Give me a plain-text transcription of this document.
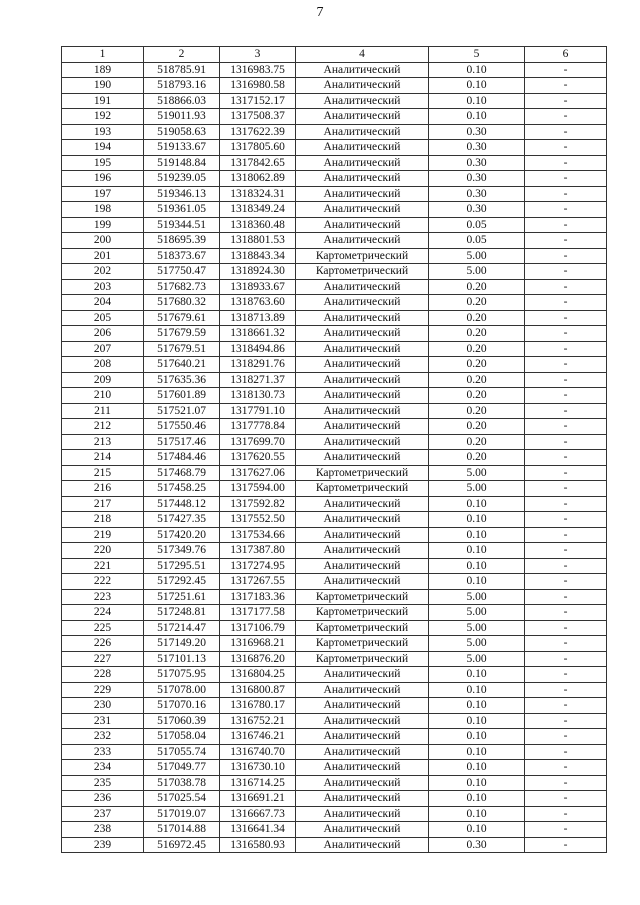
7
1	2	3	4	5	6
189	518785.91	1316983.75	Аналитический	0.10	-
190	518793.16	1316980.58	Аналитический	0.10	-
191	518866.03	1317152.17	Аналитический	0.10	-
192	519011.93	1317508.37	Аналитический	0.10	-
193	519058.63	1317622.39	Аналитический	0.30	-
194	519133.67	1317805.60	Аналитический	0.30	-
195	519148.84	1317842.65	Аналитический	0.30	-
196	519239.05	1318062.89	Аналитический	0.30	-
197	519346.13	1318324.31	Аналитический	0.30	-
198	519361.05	1318349.24	Аналитический	0.30	-
199	519344.51	1318360.48	Аналитический	0.05	-
200	518695.39	1318801.53	Аналитический	0.05	-
201	518373.67	1318843.34	Картометрический	5.00	-
202	517750.47	1318924.30	Картометрический	5.00	-
203	517682.73	1318933.67	Аналитический	0.20	-
204	517680.32	1318763.60	Аналитический	0.20	-
205	517679.61	1318713.89	Аналитический	0.20	-
206	517679.59	1318661.32	Аналитический	0.20	-
207	517679.51	1318494.86	Аналитический	0.20	-
208	517640.21	1318291.76	Аналитический	0.20	-
209	517635.36	1318271.37	Аналитический	0.20	-
210	517601.89	1318130.73	Аналитический	0.20	-
211	517521.07	1317791.10	Аналитический	0.20	-
212	517550.46	1317778.84	Аналитический	0.20	-
213	517517.46	1317699.70	Аналитический	0.20	-
214	517484.46	1317620.55	Аналитический	0.20	-
215	517468.79	1317627.06	Картометрический	5.00	-
216	517458.25	1317594.00	Картометрический	5.00	-
217	517448.12	1317592.82	Аналитический	0.10	-
218	517427.35	1317552.50	Аналитический	0.10	-
219	517420.20	1317534.66	Аналитический	0.10	-
220	517349.76	1317387.80	Аналитический	0.10	-
221	517295.51	1317274.95	Аналитический	0.10	-
222	517292.45	1317267.55	Аналитический	0.10	-
223	517251.61	1317183.36	Картометрический	5.00	-
224	517248.81	1317177.58	Картометрический	5.00	-
225	517214.47	1317106.79	Картометрический	5.00	-
226	517149.20	1316968.21	Картометрический	5.00	-
227	517101.13	1316876.20	Картометрический	5.00	-
228	517075.95	1316804.25	Аналитический	0.10	-
229	517078.00	1316800.87	Аналитический	0.10	-
230	517070.16	1316780.17	Аналитический	0.10	-
231	517060.39	1316752.21	Аналитический	0.10	-
232	517058.04	1316746.21	Аналитический	0.10	-
233	517055.74	1316740.70	Аналитический	0.10	-
234	517049.77	1316730.10	Аналитический	0.10	-
235	517038.78	1316714.25	Аналитический	0.10	-
236	517025.54	1316691.21	Аналитический	0.10	-
237	517019.07	1316667.73	Аналитический	0.10	-
238	517014.88	1316641.34	Аналитический	0.10	-
239	516972.45	1316580.93	Аналитический	0.30	-
